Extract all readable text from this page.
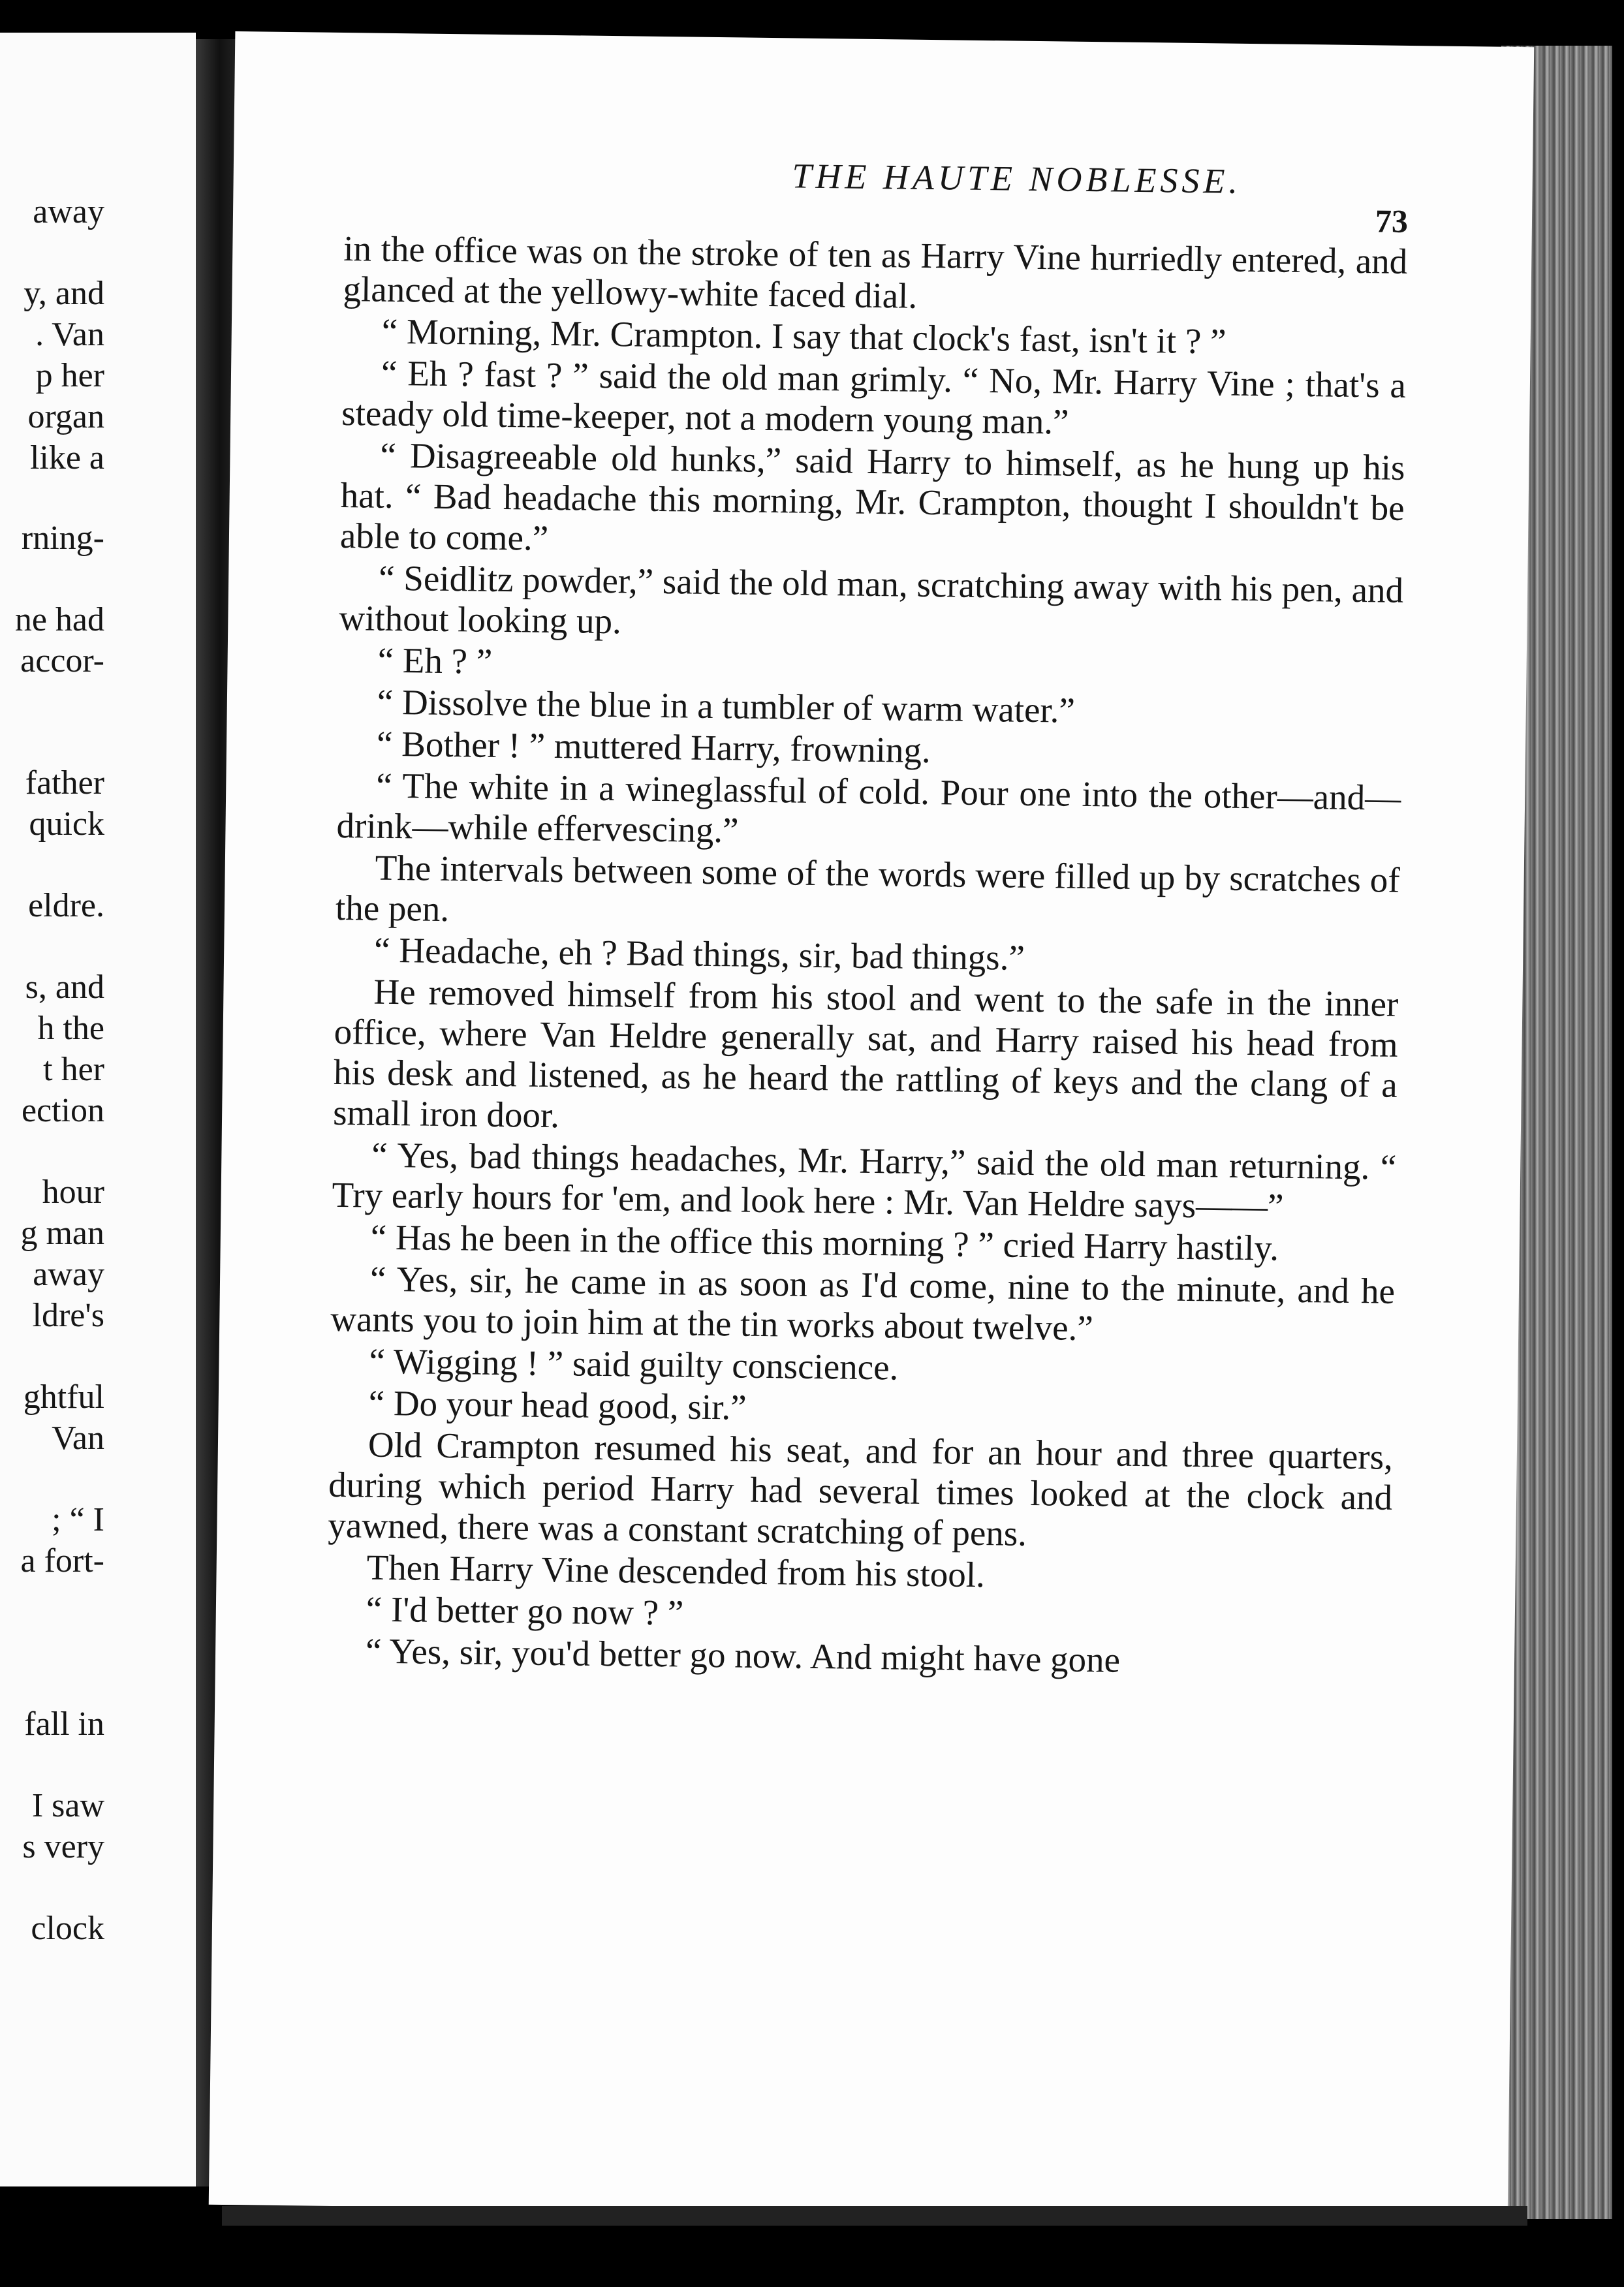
away
y, and
. Van
p her
organ
like a
rning-
ne had
accor-
father
quick
eldre.
s, and
h the
t her
ection
hour
g man
away
ldre's
ghtful
Van
; “ I
a fort-
fall in
I saw
s very
clock
THE HAUTE NOBLESSE.
73

in the office was on the stroke of ten as Harry Vine hurriedly entered, and glanced at the yellowy-white faced dial.

“ Morning, Mr. Crampton. I say that clock's fast, isn't it ? ”

“ Eh ? fast ? ” said the old man grimly. “ No, Mr. Harry Vine ; that's a steady old time-keeper, not a modern young man.”

“ Disagreeable old hunks,” said Harry to himself, as he hung up his hat. “ Bad headache this morning, Mr. Crampton, thought I shouldn't be able to come.”

“ Seidlitz powder,” said the old man, scratching away with his pen, and without looking up.

“ Eh ? ”

“ Dissolve the blue in a tumbler of warm water.”

“ Bother ! ” muttered Harry, frowning.

“ The white in a wineglassful of cold. Pour one into the other—and—drink—while effervescing.”

The intervals between some of the words were filled up by scratches of the pen.

“ Headache, eh ? Bad things, sir, bad things.”

He removed himself from his stool and went to the safe in the inner office, where Van Heldre generally sat, and Harry raised his head from his desk and listened, as he heard the rattling of keys and the clang of a small iron door.

“ Yes, bad things headaches, Mr. Harry,” said the old man returning. “ Try early hours for 'em, and look here : Mr. Van Heldre says——”

“ Has he been in the office this morning ? ” cried Harry hastily.

“ Yes, sir, he came in as soon as I'd come, nine to the minute, and he wants you to join him at the tin works about twelve.”

“ Wigging ! ” said guilty conscience.

“ Do your head good, sir.”

Old Crampton resumed his seat, and for an hour and three quarters, during which period Harry had several times looked at the clock and yawned, there was a constant scratching of pens.

Then Harry Vine descended from his stool.

“ I'd better go now ? ”

“ Yes, sir, you'd better go now. And might have gone
